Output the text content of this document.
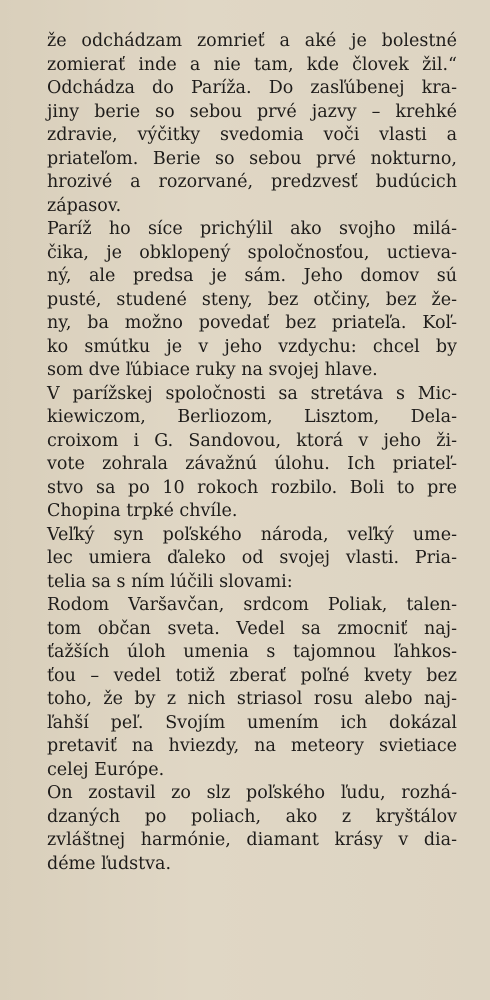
že odchádzam zomrieť a aké je bolestné
zomierať inde a nie tam, kde človek žil.“
Odchádza do Paríža. Do zasľúbenej kra-
jiny berie so sebou prvé jazvy – krehké
zdravie, výčitky svedomia voči vlasti a
priateľom. Berie so sebou prvé nokturno,
hrozivé a rozorvané, predzvesť budúcich
zápasov.
Paríž ho síce prichýlil ako svojho milá-
čika, je obklopený spoločnosťou, uctieva-
ný, ale predsa je sám. Jeho domov sú
pusté, studené steny, bez otčiny, bez že-
ny, ba možno povedať bez priateľa. Koľ-
ko smútku je v jeho vzdychu: chcel by
som dve ľúbiace ruky na svojej hlave.
V parížskej spoločnosti sa stretáva s Mic-
kiewiczom, Berliozom, Lisztom, Dela-
croixom i G. Sandovou, ktorá v jeho ži-
vote zohrala závažnú úlohu. Ich priateľ-
stvo sa po 10 rokoch rozbilo. Boli to pre
Chopina trpké chvíle.
Veľký syn poľského národa, veľký ume-
lec umiera ďaleko od svojej vlasti. Pria-
telia sa s ním lúčili slovami:
Rodom Varšavčan, srdcom Poliak, talen-
tom občan sveta. Vedel sa zmocniť naj-
ťažších úloh umenia s tajomnou ľahkos-
ťou – vedel totiž zberať poľné kvety bez
toho, že by z nich striasol rosu alebo naj-
ľahší peľ. Svojím umením ich dokázal
pretaviť na hviezdy, na meteory svietiace
celej Európe.
On zostavil zo slz poľského ľudu, rozhá-
dzaných po poliach, ako z kryštálov
zvláštnej harmónie, diamant krásy v dia-
déme ľudstva.
